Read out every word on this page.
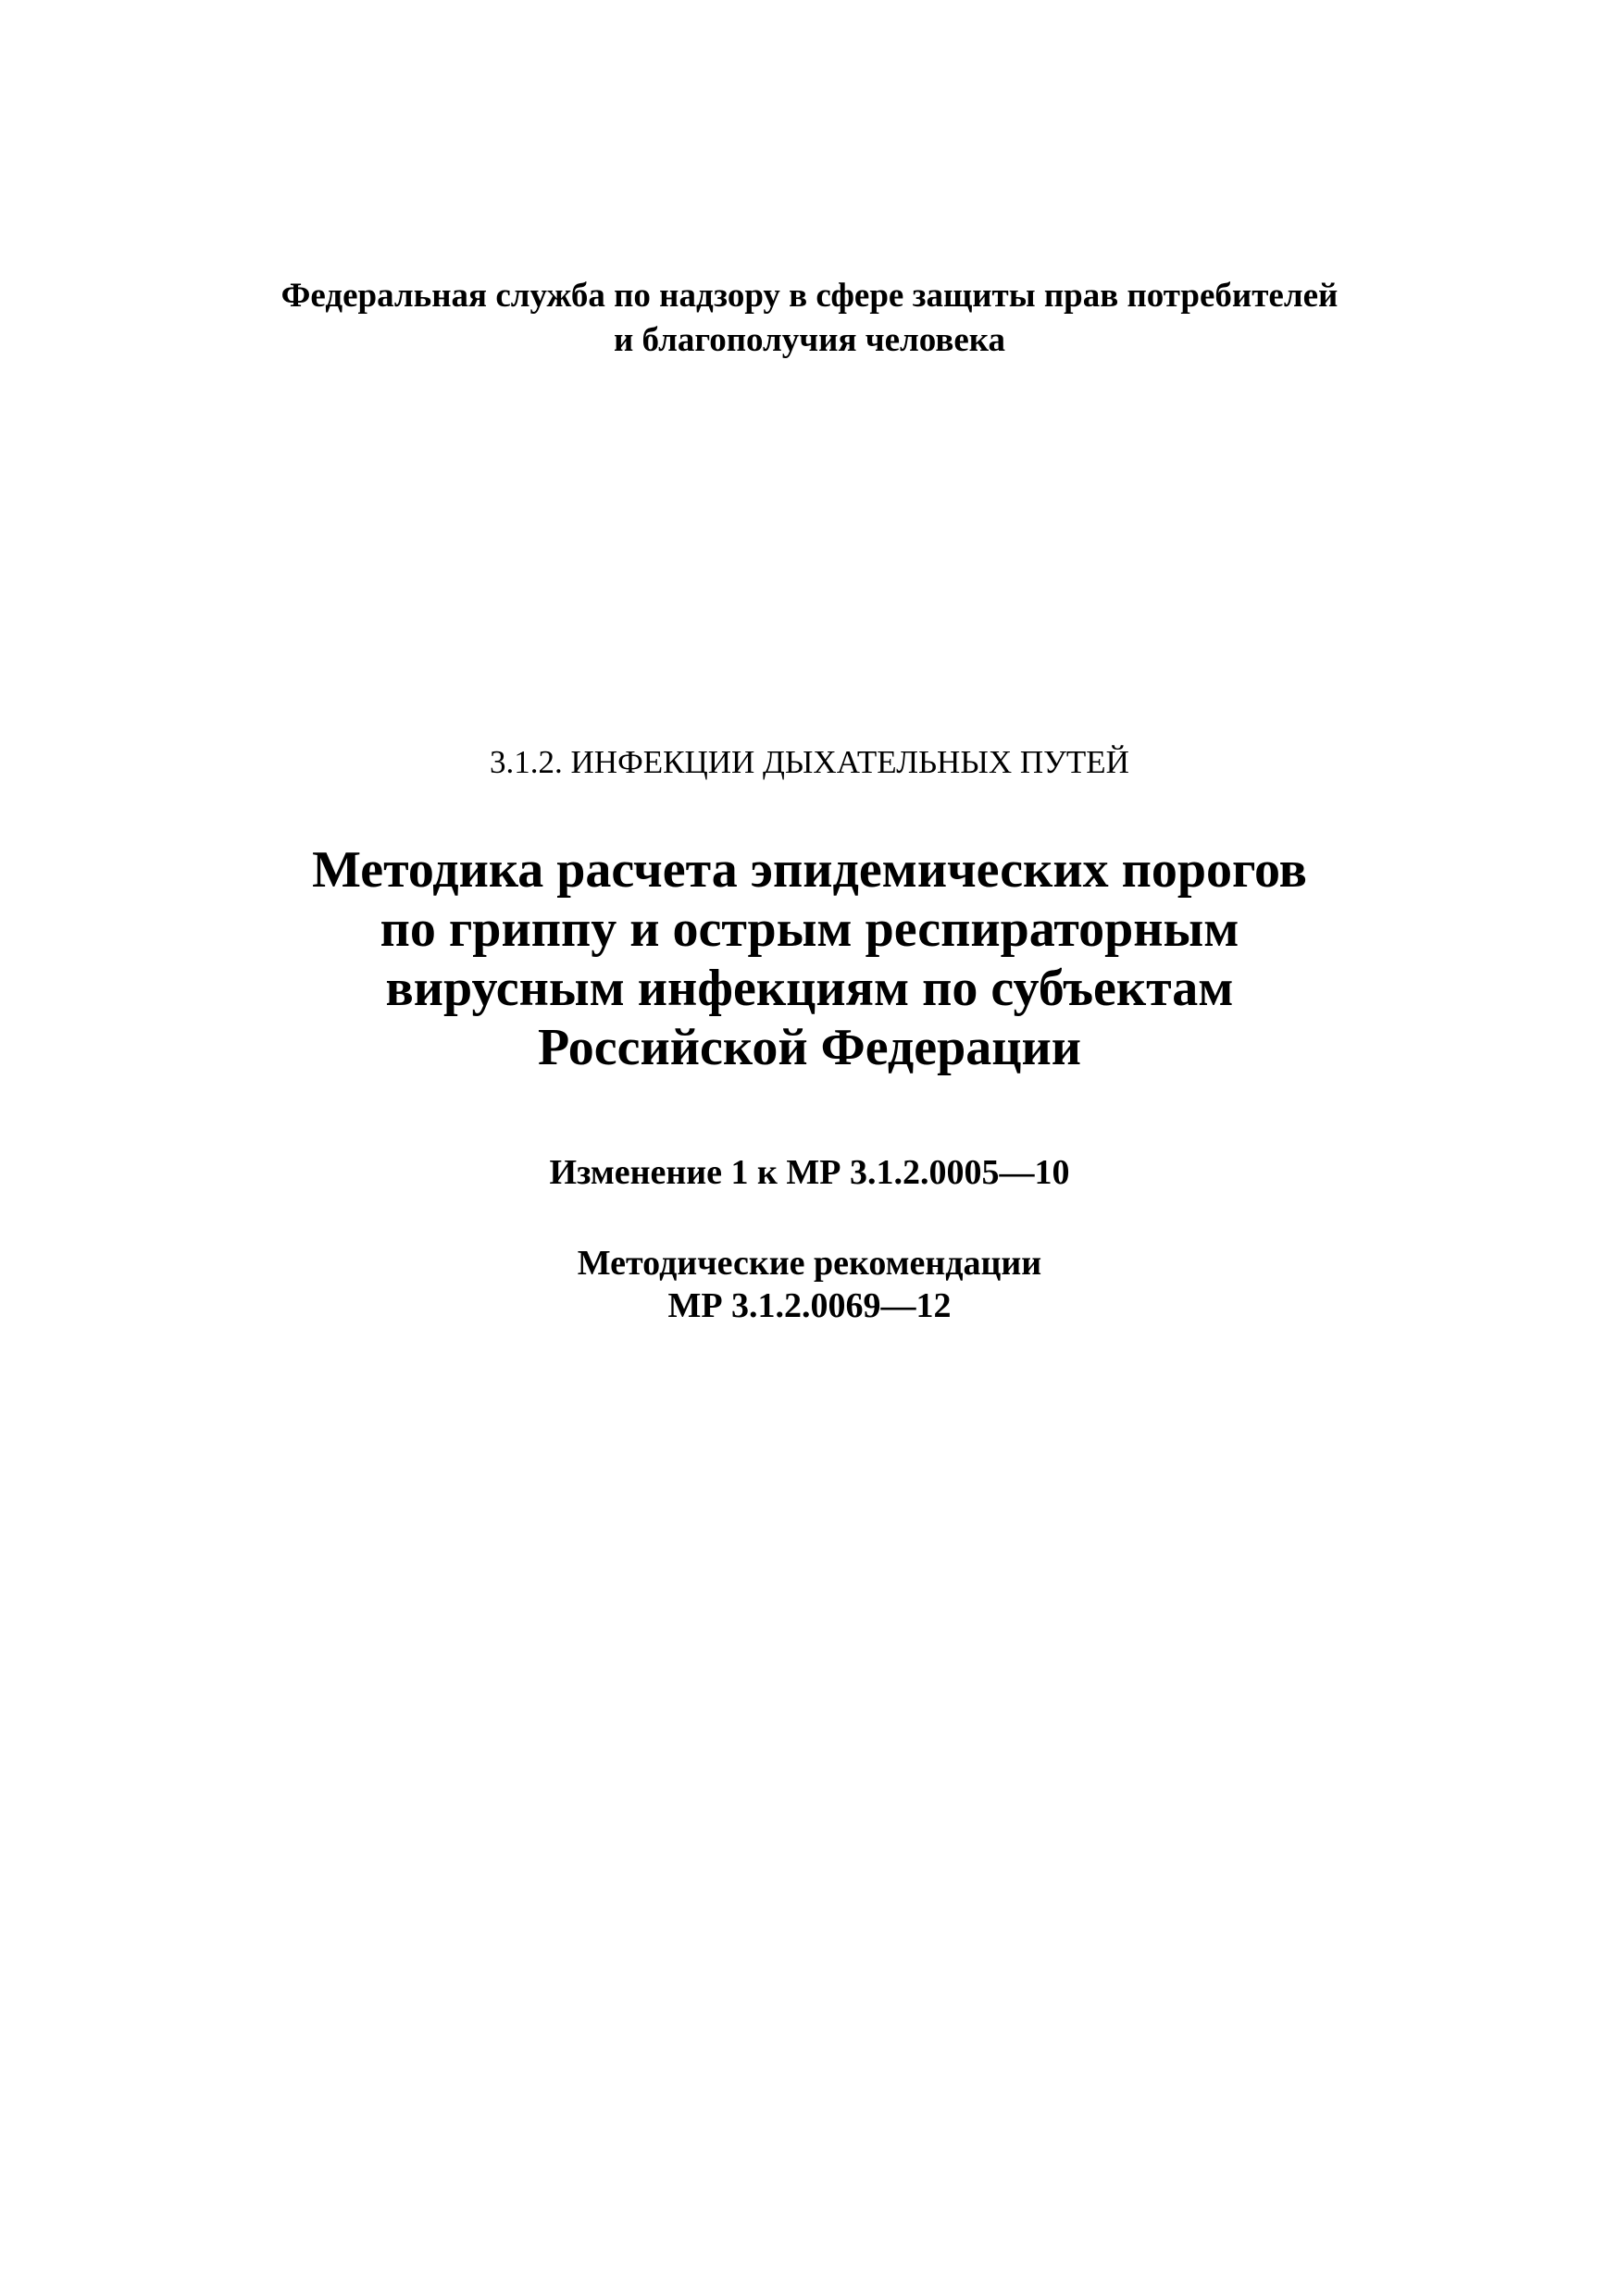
Федеральная служба по надзору в сфере защиты прав потребителей
и благополучия человека
3.1.2. ИНФЕКЦИИ ДЫХАТЕЛЬНЫХ ПУТЕЙ
Методика расчета эпидемических порогов
по гриппу и острым респираторным
вирусным инфекциям по субъектам
Российской Федерации
Изменение 1 к МР 3.1.2.0005—10
Методические рекомендации
МР 3.1.2.0069—12
